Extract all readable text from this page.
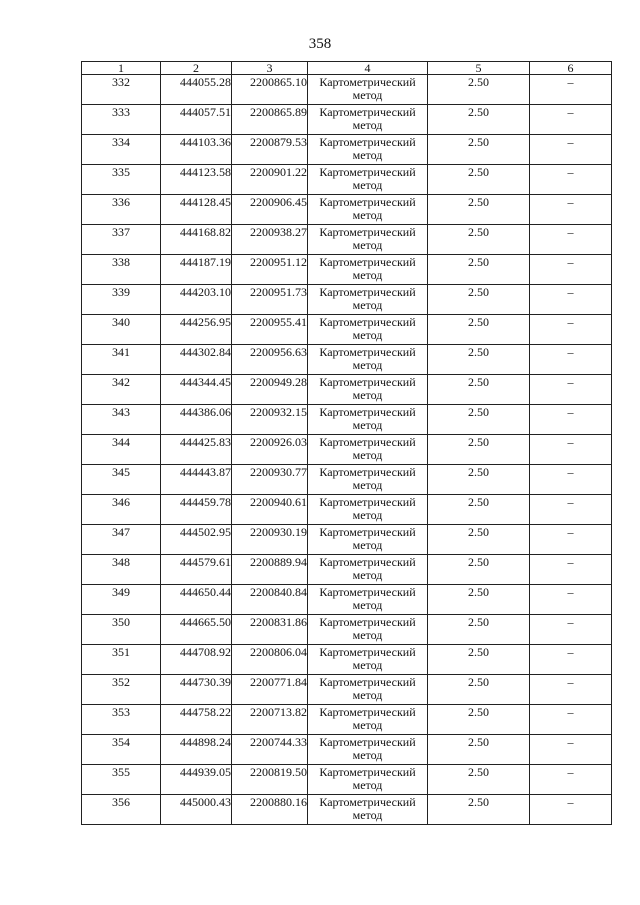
358
1	2	3	4	5	6
332	444055.28	2200865.10	Картометрический метод	2.50	–
333	444057.51	2200865.89	Картометрический метод	2.50	–
334	444103.36	2200879.53	Картометрический метод	2.50	–
335	444123.58	2200901.22	Картометрический метод	2.50	–
336	444128.45	2200906.45	Картометрический метод	2.50	–
337	444168.82	2200938.27	Картометрический метод	2.50	–
338	444187.19	2200951.12	Картометрический метод	2.50	–
339	444203.10	2200951.73	Картометрический метод	2.50	–
340	444256.95	2200955.41	Картометрический метод	2.50	–
341	444302.84	2200956.63	Картометрический метод	2.50	–
342	444344.45	2200949.28	Картометрический метод	2.50	–
343	444386.06	2200932.15	Картометрический метод	2.50	–
344	444425.83	2200926.03	Картометрический метод	2.50	–
345	444443.87	2200930.77	Картометрический метод	2.50	–
346	444459.78	2200940.61	Картометрический метод	2.50	–
347	444502.95	2200930.19	Картометрический метод	2.50	–
348	444579.61	2200889.94	Картометрический метод	2.50	–
349	444650.44	2200840.84	Картометрический метод	2.50	–
350	444665.50	2200831.86	Картометрический метод	2.50	–
351	444708.92	2200806.04	Картометрический метод	2.50	–
352	444730.39	2200771.84	Картометрический метод	2.50	–
353	444758.22	2200713.82	Картометрический метод	2.50	–
354	444898.24	2200744.33	Картометрический метод	2.50	–
355	444939.05	2200819.50	Картометрический метод	2.50	–
356	445000.43	2200880.16	Картометрический метод	2.50	–
